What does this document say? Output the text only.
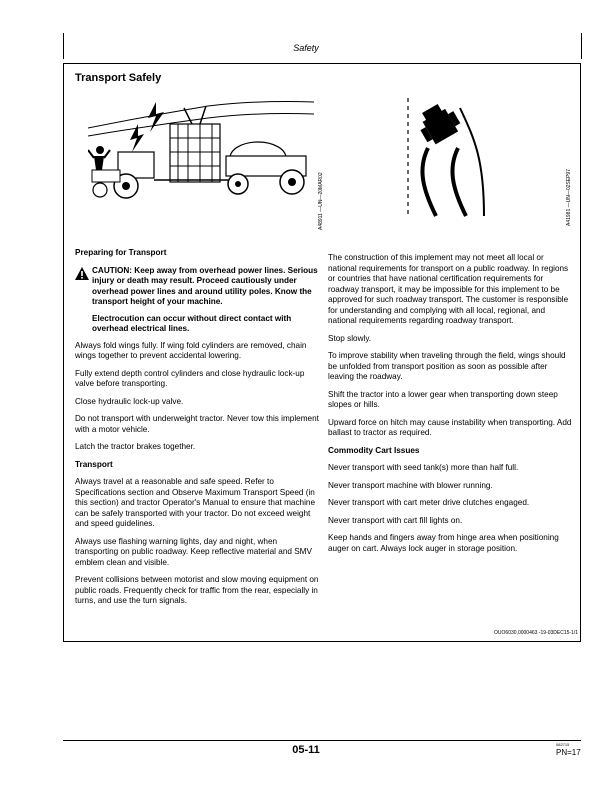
Safety
Transport Safely
A48911 —UN—20MAR02	A41981 —UN—02SEP97
Preparing for Transport

CAUTION: Keep away from overhead power lines. Serious injury or death may result. Proceed cautiously under overhead power lines and around utility poles. Know the transport height of your machine.

Electrocution can occur without direct contact with overhead electrical lines.

Always fold wings fully. If wing fold cylinders are removed, chain wings together to prevent accidental lowering.

Fully extend depth control cylinders and close hydraulic lock-up valve before transporting.

Close hydraulic lock-up valve.

Do not transport with underweight tractor. Never tow this implement with a motor vehicle.

Latch the tractor brakes together.

Transport

Always travel at a reasonable and safe speed. Refer to Specifications section and Observe Maximum Transport Speed (in this section) and tractor Operator's Manual to ensure that machine can be safely transported with your tractor. Do not exceed weight and speed guidelines.

Always use flashing warning lights, day and night, when transporting on public roadway. Keep reflective material and SMV emblem clean and visible.

Prevent collisions between motorist and slow moving equipment on public roads. Frequently check for traffic from the rear, especially in turns, and use the turn signals.

The construction of this implement may not meet all local or national requirements for transport on a public roadway. In regions or countries that have national certification requirements for roadway transport, it may be impossible for this implement to be approved for such roadway transport. The customer is responsible for understanding and complying with all local, regional, and national requirements regarding roadway transport.

Stop slowly.

To improve stability when traveling through the field, wings should be unfolded from transport position as soon as possible after leaving the roadway.

Shift the tractor into a lower gear when transporting down steep slopes or hills.

Upward force on hitch may cause instability when transporting. Add ballast to tractor as required.

Commodity Cart Issues

Never transport with seed tank(s) more than half full.

Never transport machine with blower running.

Never transport with cart meter drive clutches engaged.

Never transport with cart fill lights on.

Keep hands and fingers away from hinge area when positioning auger on cart. Always lock auger in storage position.

OUO6030,0000463 -19-03DEC15-1/1
05-11	082715
PN=17
